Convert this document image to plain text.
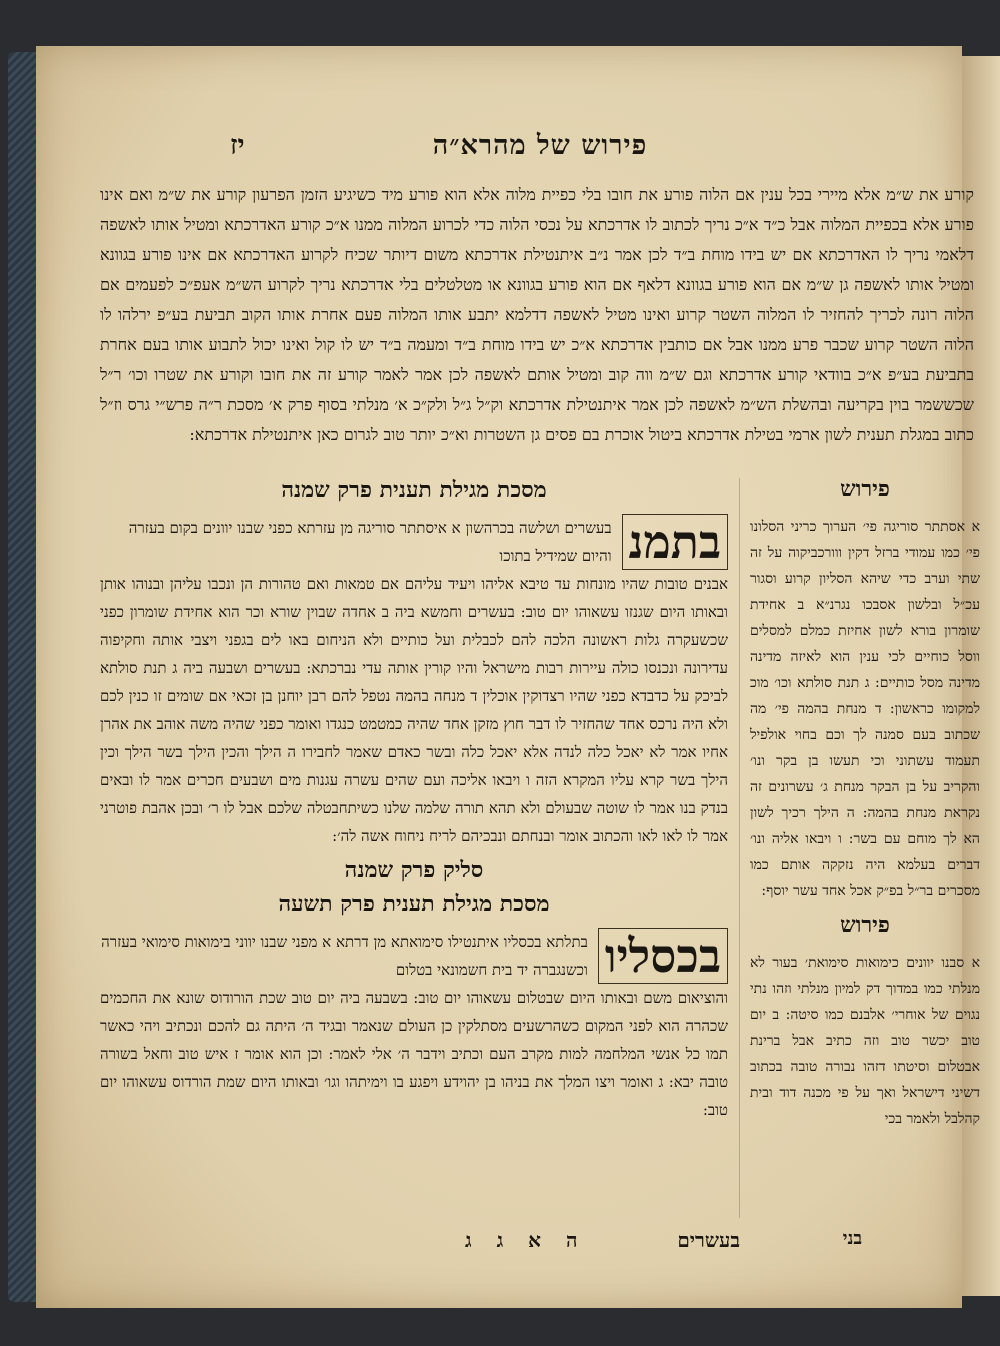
פירוש של מהרא״ה
יז
קורע את ש״מ אלא מיירי בכל ענין אם הלוה פורע את חובו בלי כפיית מלוה אלא הוא פורע מיד כשיגיע הזמן הפרעון קורע את ש״מ ואם אינו פורע אלא בכפיית המלוה אבל כ״ד א״כ נריך לכתוב לו אדרכתא על נכסי הלוה כדי לכרוע המלוה ממנו א״כ קורע האדרכתא ומטיל אותו לאשפה דלאמי נריך לו האדרכתא אם יש בידו מוחת ב״ד לכן אמר נ״ב איתנטילת אדרכתא משום דיותר שכיח לקרוע האדרכתא אם אינו פורע בגוונא ומטיל אותו לאשפה גן ש״מ אם הוא פורע בגוונא דלאף אם הוא פורע בגוונא או מטלטלים בלי אדרכתא נריך לקרוע הש״מ אעפ״כ לפעמים אם הלוה רונה לכריך להחזיר לו המלוה השטר קרוע ואינו מטיל לאשפה דדלמא יתבע אותו המלוה פעם אחרת אותו הקוב תביעת בע״פ ירלהו לו הלוה השטר קרוע שכבר פרע ממנו אבל אם כותבין אדרכתא א״כ יש בידו מוחת ב״ד ומעמה ב״ד יש לו קול ואינו יכול לתבוע אותו בעם אחרת בתביעת בע״פ א״כ בוודאי קורע אדרכתא וגם ש״מ ווה קוב ומטיל אותם לאשפה לכן אמר לאמר קורע זה את חובו וקורע את שטרו וכו׳ ר״ל שכששמר בוין בקריעה ובהשלת הש״מ לאשפה לכן אמר איתנטילת אדרכתא וק״ל ג״ל ולק״כ א׳ מנלתי בסוף פרק א׳ מסכת ר״ה פרש״י גרס וז״ל כתוב במגלת תענית לשון ארמי בטילת אדרכתא ביטול אוכרת בם פסים גן השטרות וא״כ יותר טוב לגרום כאן איתנטילת אדרכתא:
מסכת מגילת תענית פרק שמנה
בתמנ
בעשרים ושלשה בכרהשון א איסתתר סוריגה מן עזרתא כפני שבנו יוונים בקום בעזרה והיום שמידיל בתוכו
אבנים טובות שהיו מונחות עד טיבא אליהו ויעיד עליהם אם טמאות ואם טהורות הן ונכבו עליהן ובנוהו אותן ובאותו היום שגנזו עשאוהו יום טוב: בעשרים וחמשא ביה ב אחדה שבוין שורא וכר הוא אחידת שומרון כפני שכשעקרה גלות ראשונה הלכה להם לכבלית ועל כותיים ולא הניחום באו לים בגפני ויצבי אותה וחקיפוה עדירונה ונכנסו כולה עיירות רבות מישראל והיו קורין אותה עדי נברכתא: בעשרים ושבעה ביה ג תנת סולתא לביכק על כדבדא כפני שהיו רצדוקין אוכלין ד מנחה בהמה נטפל להם רבן יוחנן בן זכאי אם שומים זו כנין לכם ולא היה נרכס אחד שהחזיר לו דבר חוץ מזקן אחד שהיה כמטמט כנגדו ואומר כפני שהיה משה אוהב את אהרן אחיו אמר לא יאכל כלה לנדה אלא יאכל כלה ובשר כאדם שאמר לחבירו ה הילך והכין הילך בשר הילך וכין הילך בשר קרא עליו המקרא הזה ו ויבאו אליכה ועם שהים עשרה עגנות מים ושבעים חכרים אמר לו ובאים בנדק בנו אמר לו שוטה שבעולם ולא תהא תורה שלמה שלנו כשיתחבטלה שלכם אבל לו ר׳ ובכן אהבת פוטרני אמר לו לאו לאו והכתוב אומר ובנחתם ונבכיהם לריח ניחוח אשה לה׳:
סליק פרק שמנה
מסכת מגילת תענית פרק תשעה
בכסליו
בתלתא בכסליו איתנטילו סימואתא מן דרתא א מפני שבנו יווני בימואות סימואי בעזרה וכשנגברה יד בית חשמונאי בטלום
והוציאום משם ובאותו היום שבטלום עשאוהו יום טוב: בשבעה ביה יום טוב שכת הורודוס שונא את החכמים שכהרה הוא לפני המקום כשהרשעים מסתלקין כן העולם שנאמר ובגיד ה׳ היתה גם להכם ונכתיב ויהי כאשר תמו כל אנשי המלחמה למות מקרב העם וכתיב וידבר ה׳ אלי לאמר: וכן הוא אומר ז איש טוב וחאל בשורה טובה יבא: ג ואומר ויצו המלך את בניהו בן יהוידע ויפגע בו וימיתהו וגו׳ ובאותו היום שמת הורדוס עשאוהו יום טוב:
פירוש
א אסתתר סוריגה פי׳ הערוך כריני הסלונו פי׳ כמו עמודי ברזל דקין ווורכביקוה על זה שתי וערב כדי שיהא הסליון קרוע וסגור עכ״ל ובלשון אסבכו נגרנ״א ב אחידת שומרון בורא לשון אחיזת כמלם למסלים ווסל כוחיים לכי ענין הוא לאיזה מדינה מדינה מסל כותיים: ג תנת סולתא וכו׳ מוכ למקומו כראשון: ד מנחת בהמה פי׳ מה שכתוב בעם סמנה לך וכם בחוי אולפיל תעמוד עשתוני וכי תעשו בן בקר ונו׳ והקריב על בן הבקר מנחת ג׳ עשרונים זה נקראת מנחת בהמה: ה הילך רכיך לשון הא לך מוחם עם בשר: ו ויבאו אליה ונו׳ דברים בעלמא היה נזקקה אותם כמו מסכרים בר״ל בפ״ק אכל אחד עשר יוסף:
פירוש
א סבנו יוונים כימואות סימואת׳ בעור לא מנלתי כמו במדוך דק למיון מנלתי וזהו נתי נגוים של אוחרי׳ אלבנם כמו סיטה: ב יום טוב יכשר טוב וזה כתיב אבל ברינת אבטלום וסיטתו דזהו נבורה טובה בכתוב דשיני דישראל ואך על פי מכנה דוד ובית קהלבל ולאמר בכי
בעשרים    ה א ג ג	בני
